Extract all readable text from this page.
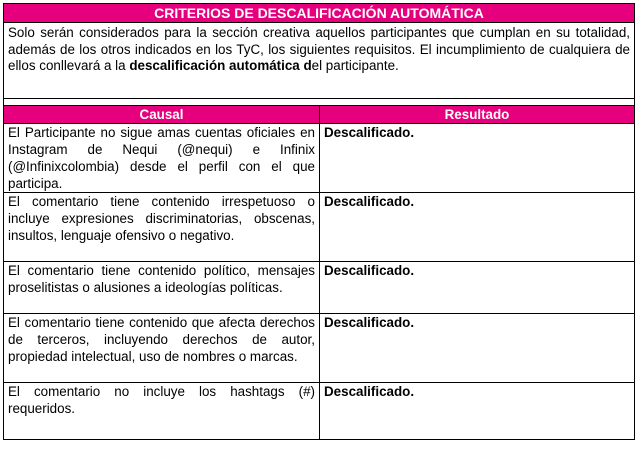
CRITERIOS DE DESCALIFICACIÓN AUTOMÁTICA	
Solo serán considerados para la sección creativa aquellos participantes que cumplan en su totalidad, además de los otros indicados en los TyC, los siguientes requisitos. El incumplimiento de cualquiera de ellos conllevará a la descalificación automática del participante.	

Causal	Resultado
El Participante no sigue amas cuentas oficiales en Instagram de Nequi (@nequi) e Infinix (@Infinixcolombia) desde el perfil con el que participa.	Descalificado.
El comentario tiene contenido irrespetuoso o incluye expresiones discriminatorias, obscenas, insultos, lenguaje ofensivo o negativo.	Descalificado.
El comentario tiene contenido político, mensajes proselitistas o alusiones a ideologías políticas.	Descalificado.
El comentario tiene contenido que afecta derechos de terceros, incluyendo derechos de autor, propiedad intelectual, uso de nombres o marcas.	Descalificado.
El comentario no incluye los hashtags (#) requeridos.	Descalificado.
